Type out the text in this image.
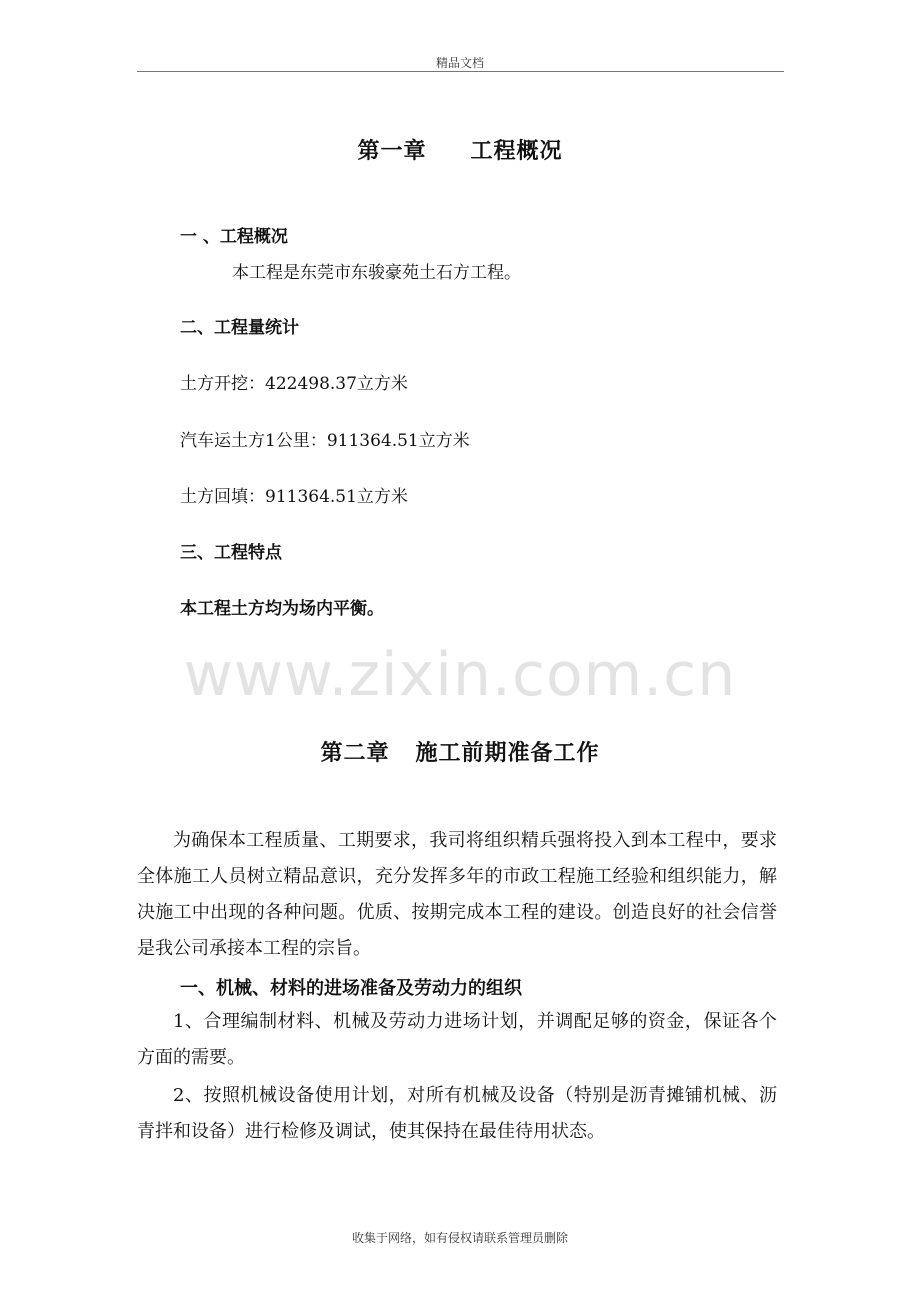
精品文档
第一章 工程概况
一 、工程概况
本工程是东莞市东骏豪苑土石方工程。
二、工程量统计
土方开挖：422498.37立方米
汽车运土方1公里：911364.51立方米
土方回填：911364.51立方米
三、工程特点
本工程土方均为场内平衡。
www.zixin.com.cn
第二章 施工前期准备工作
为确保本工程质量、工期要求，我司将组织精兵强将投入到本工程中，要求全体施工人员树立精品意识，充分发挥多年的市政工程施工经验和组织能力，解决施工中出现的各种问题。优质、按期完成本工程的建设。创造良好的社会信誉是我公司承接本工程的宗旨。
一、机械、材料的进场准备及劳动力的组织
1、合理编制材料、机械及劳动力进场计划，并调配足够的资金，保证各个方面的需要。
2、按照机械设备使用计划，对所有机械及设备（特别是沥青摊铺机械、沥青拌和设备）进行检修及调试，使其保持在最佳待用状态。
收集于网络，如有侵权请联系管理员删除
